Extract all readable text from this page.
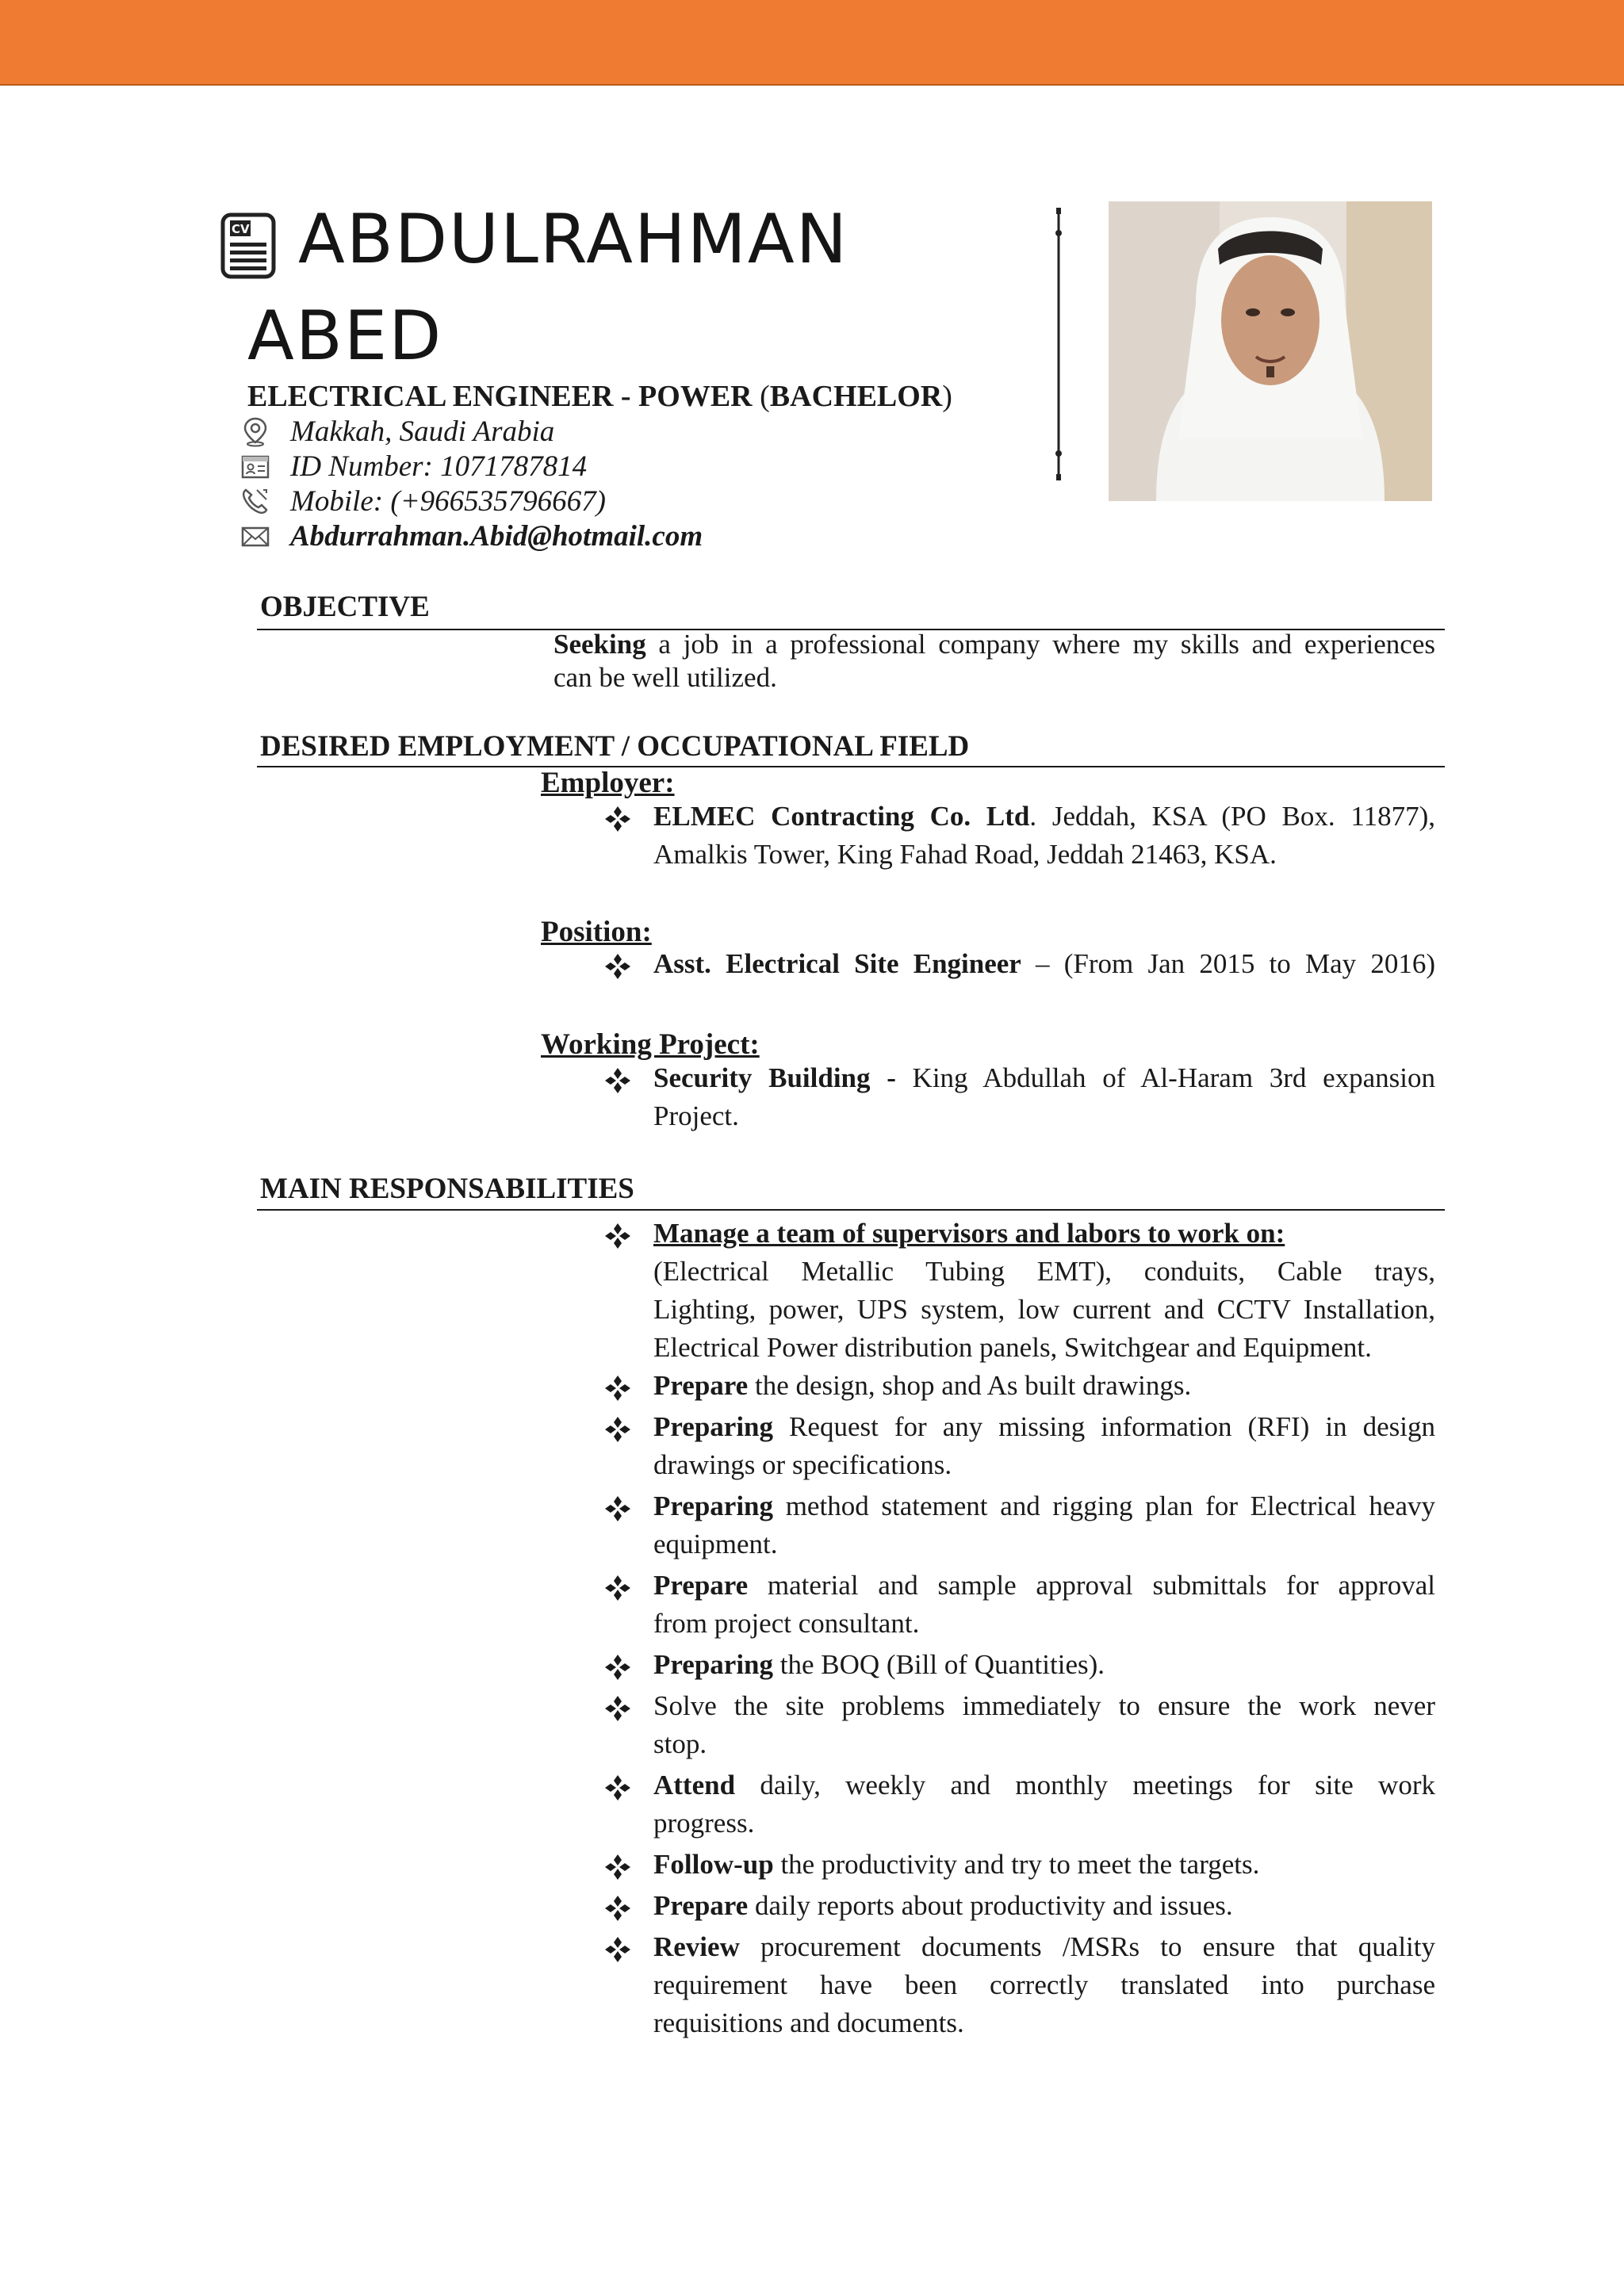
CV ABDULRAHMAN
ABED
ELECTRICAL ENGINEER - POWER (BACHELOR)
Makkah, Saudi Arabia
ID Number: 1071787814
Mobile: (+966535796667)
Abdurrahman.Abid@hotmail.com
OBJECTIVE
Seeking a job in a professional company where my skills and experiences
can be well utilized.
DESIRED EMPLOYMENT / OCCUPATIONAL FIELD
Employer:
ELMEC Contracting Co. Ltd. Jeddah, KSA (PO Box. 11877),
Amalkis Tower, King Fahad Road, Jeddah 21463, KSA.
Position:
Asst. Electrical Site Engineer – (From Jan 2015 to May 2016)
Working Project:
Security Building - King Abdullah of Al-Haram 3rd expansion
Project.
MAIN RESPONSABILITIES
Manage a team of supervisors and labors to work on:
(Electrical Metallic Tubing EMT), conduits, Cable trays,
Lighting, power, UPS system, low current and CCTV Installation,
Electrical Power distribution panels, Switchgear and Equipment.
Prepare the design, shop and As built drawings.
Preparing Request for any missing information (RFI) in design
drawings or specifications.
Preparing method statement and rigging plan for Electrical heavy
equipment.
Prepare material and sample approval submittals for approval
from project consultant.
Preparing the BOQ (Bill of Quantities).
Solve the site problems immediately to ensure the work never
stop.
Attend daily, weekly and monthly meetings for site work
progress.
Follow-up the productivity and try to meet the targets.
Prepare daily reports about productivity and issues.
Review procurement documents /MSRs to ensure that quality
requirement have been correctly translated into purchase
requisitions and documents.
